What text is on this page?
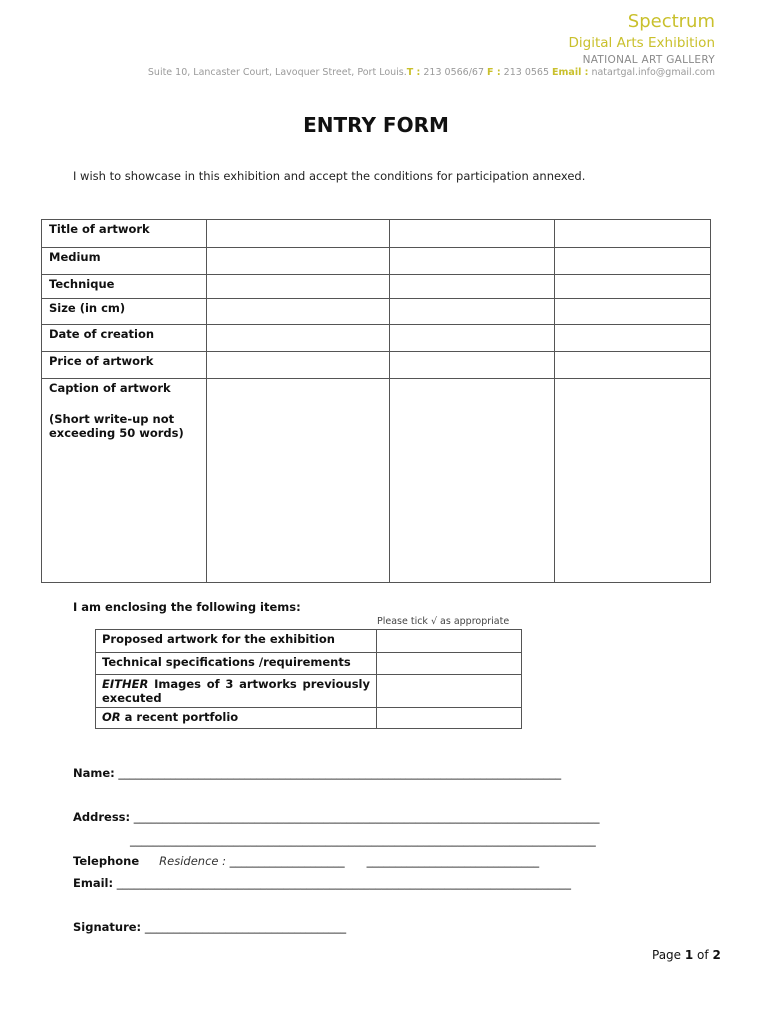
Spectrum
Digital Arts Exhibition
NATIONAL ART GALLERY
Suite 10, Lancaster Court, Lavoquer Street, Port Louis.T : 213 0566/67 F : 213 0565 Email : natartgal.info@gmail.com
ENTRY FORM
I wish to showcase in this exhibition and accept the conditions for participation annexed.
Title of artwork			
Medium			
Technique			
Size (in cm)			
Date of creation			
Price of artwork			

Caption of artwork
(Short write-up not
exceeding 50 words)			

I am enclosing the following items:
Please tick √ as appropriate
Proposed artwork for the exhibition	
Technical specifications /requirements	
EITHER Images of 3 artworks previously executed	
OR a recent portfolio	
Name: _____________________________________________________________________________
Address: _________________________________________________________________________________
_________________________________________________________________________________
Telephone Residence : ____________________ ______________________________
Email: _______________________________________________________________________________
Signature: ___________________________________
Page 1 of 2
